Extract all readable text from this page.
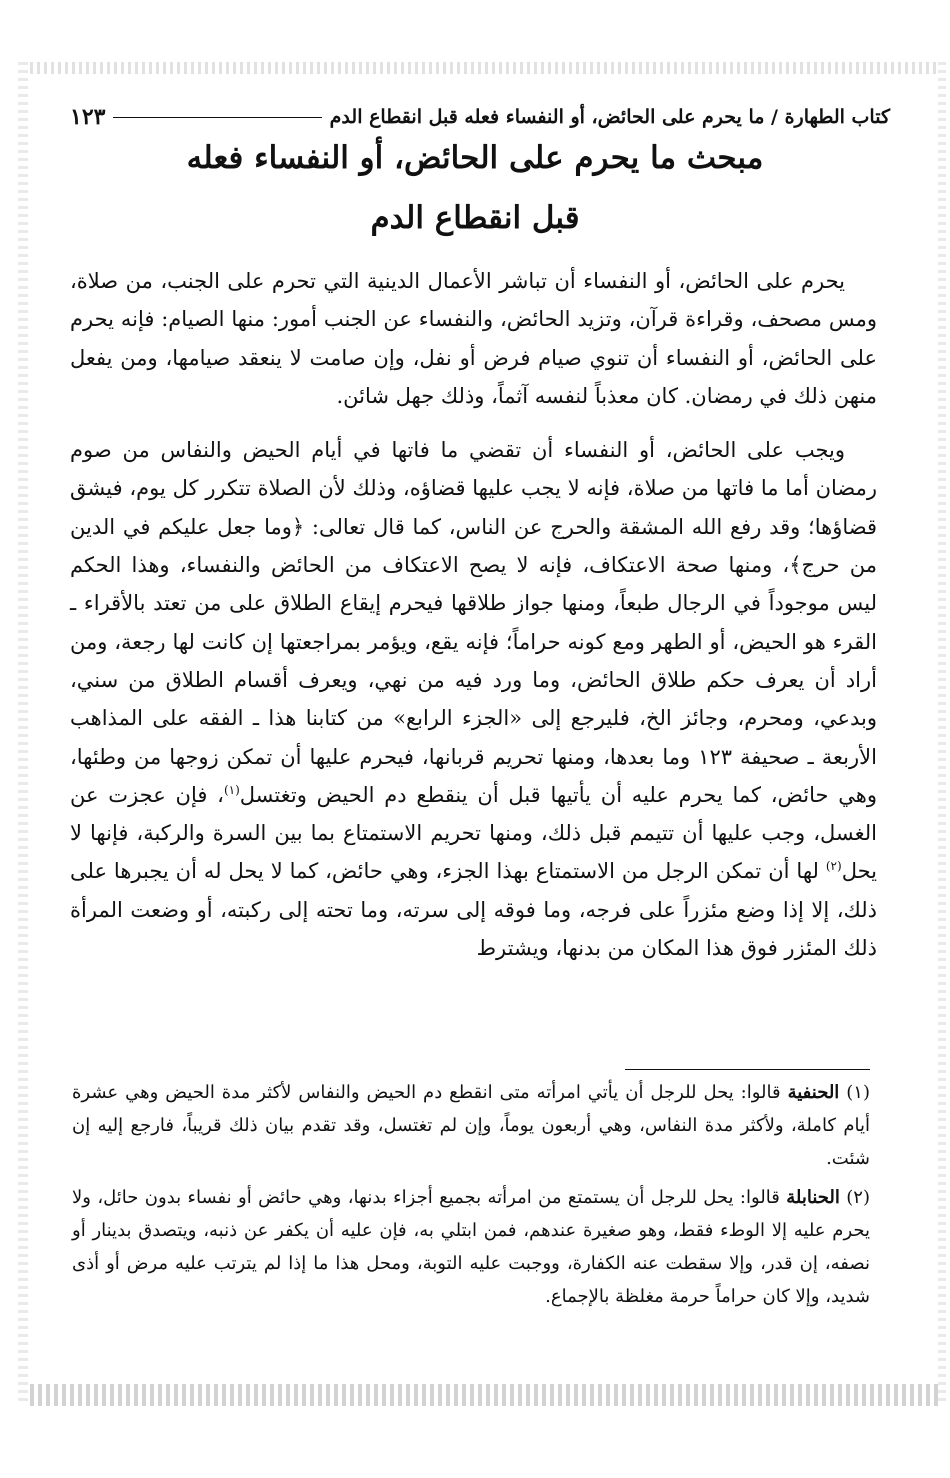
كتاب الطهارة / ما يحرم على الحائض، أو النفساء فعله قبل انقطاع الدم
١٢٣
مبحث ما يحرم على الحائض، أو النفساء فعله
قبل انقطاع الدم

يحرم على الحائض، أو النفساء أن تباشر الأعمال الدينية التي تحرم على الجنب، من صلاة، ومس مصحف، وقراءة قرآن، وتزيد الحائض، والنفساء عن الجنب أمور: منها الصيام: فإنه يحرم على الحائض، أو النفساء أن تنوي صيام فرض أو نفل، وإن صامت لا ينعقد صيامها، ومن يفعل منهن ذلك في رمضان. كان معذباً لنفسه آثماً، وذلك جهل شائن.

ويجب على الحائض، أو النفساء أن تقضي ما فاتها في أيام الحيض والنفاس من صوم رمضان أما ما فاتها من صلاة، فإنه لا يجب عليها قضاؤه، وذلك لأن الصلاة تتكرر كل يوم، فيشق قضاؤها؛ وقد رفع الله المشقة والحرج عن الناس، كما قال تعالى: ﴿وما جعل عليكم في الدين من حرج﴾، ومنها صحة الاعتكاف، فإنه لا يصح الاعتكاف من الحائض والنفساء، وهذا الحكم ليس موجوداً في الرجال طبعاً، ومنها جواز طلاقها فيحرم إيقاع الطلاق على من تعتد بالأقراء ـ القرء هو الحيض، أو الطهر ومع كونه حراماً؛ فإنه يقع، ويؤمر بمراجعتها إن كانت لها رجعة، ومن أراد أن يعرف حكم طلاق الحائض، وما ورد فيه من نهي، ويعرف أقسام الطلاق من سني، وبدعي، ومحرم، وجائز الخ، فليرجع إلى «الجزء الرابع» من كتابنا هذا ـ الفقه على المذاهب الأربعة ـ صحيفة ١٢٣ وما بعدها، ومنها تحريم قربانها، فيحرم عليها أن تمكن زوجها من وطئها، وهي حائض، كما يحرم عليه أن يأتيها قبل أن ينقطع دم الحيض وتغتسل$^{(١)}$، فإن عجزت عن الغسل، وجب عليها أن تتيمم قبل ذلك، ومنها تحريم الاستمتاع بما بين السرة والركبة، فإنها لا يحل$^{(٢)}$ لها أن تمكن الرجل من الاستمتاع بهذا الجزء، وهي حائض، كما لا يحل له أن يجبرها على ذلك، إلا إذا وضع مئزراً على فرجه، وما فوقه إلى سرته، وما تحته إلى ركبته، أو وضعت المرأة ذلك المئزر فوق هذا المكان من بدنها، ويشترط

(١) الحنفية قالوا: يحل للرجل أن يأتي امرأته متى انقطع دم الحيض والنفاس لأكثر مدة الحيض وهي عشرة أيام كاملة، ولأكثر مدة النفاس، وهي أربعون يوماً، وإن لم تغتسل، وقد تقدم بيان ذلك قريباً، فارجع إليه إن شئت.

(٢) الحنابلة قالوا: يحل للرجل أن يستمتع من امرأته بجميع أجزاء بدنها، وهي حائض أو نفساء بدون حائل، ولا يحرم عليه إلا الوطء فقط، وهو صغيرة عندهم، فمن ابتلي به، فإن عليه أن يكفر عن ذنبه، ويتصدق بدينار أو نصفه، إن قدر، وإلا سقطت عنه الكفارة، ووجبت عليه التوبة، ومحل هذا ما إذا لم يترتب عليه مرض أو أذى شديد، وإلا كان حراماً حرمة مغلظة بالإجماع.
